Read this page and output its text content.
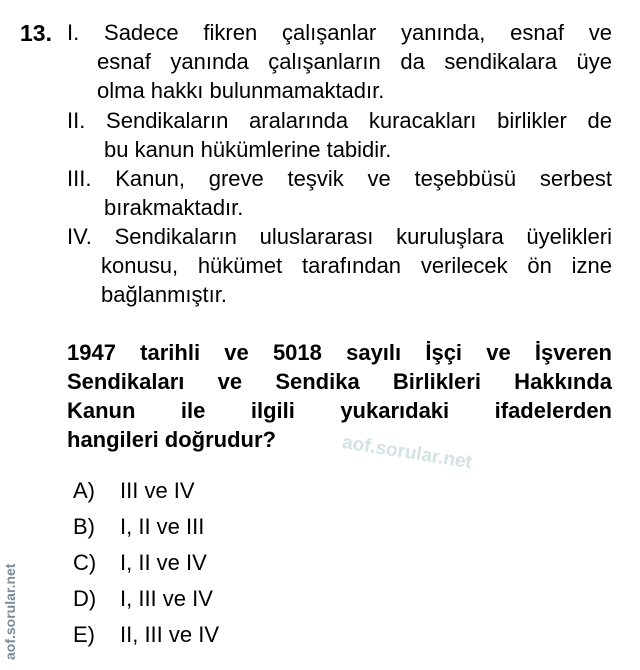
13. I. Sadece fikren çalışanlar yanında, esnaf ve
esnaf yanında çalışanların da sendikalara üye
olma hakkı bulunmamaktadır.
II. Sendikaların aralarında kuracakları birlikler de
bu kanun hükümlerine tabidir.
III. Kanun, greve teşvik ve teşebbüsü serbest
bırakmaktadır.
IV. Sendikaların uluslararası kuruluşlara üyelikleri
konusu, hükümet tarafından verilecek ön izne
bağlanmıştır.
1947 tarihli ve 5018 sayılı İşçi ve İşveren
Sendikaları ve Sendika Birlikleri Hakkında
Kanun ile ilgili yukarıdaki ifadelerden
hangileri doğrudur?	aof.sorular.net
A) III ve IV
B) I, II ve III
C) I, II ve IV
D) I, III ve IV
E) II, III ve IV
aof.sorular.net
